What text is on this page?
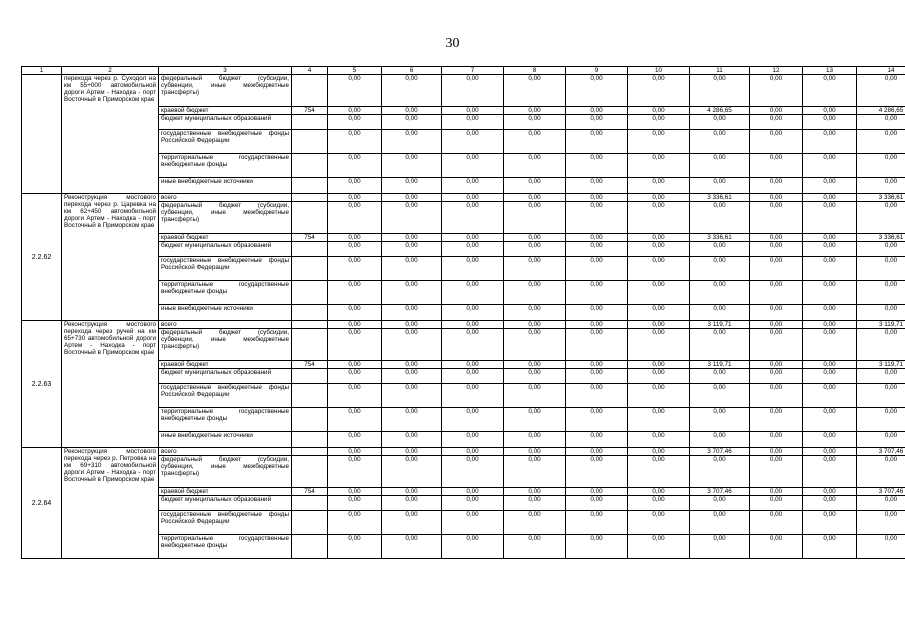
30
1	2	3	4	5	6	7	8	9	10	11	12	13	14
	перехода через р. Суходол на км 55+000 автомобильной дороги Артем - Находка - порт Восточный в Приморском крае	федеральный бюджет (субсидии, субвенции, иные межбюджетные трансферты)		0,00	0,00	0,00	0,00	0,00	0,00	0,00	0,00	0,00	0,00
		краевой бюджет	754	0,00	0,00	0,00	0,00	0,00	0,00	4 286,65	0,00	0,00	4 286,65
		бюджет муниципальных образований		0,00	0,00	0,00	0,00	0,00	0,00	0,00	0,00	0,00	0,00
		государственные внебюджетные фонды Российской Федерации		0,00	0,00	0,00	0,00	0,00	0,00	0,00	0,00	0,00	0,00
		территориальные государственные внебюджетные фонды		0,00	0,00	0,00	0,00	0,00	0,00	0,00	0,00	0,00	0,00
		иные внебюджетные источники		0,00	0,00	0,00	0,00	0,00	0,00	0,00	0,00	0,00	0,00
2.2.62	Реконструкция мостового перехода через р. Царевка на км 62+450 автомобильной дороги Артем - Находка - порт Восточный в Приморском крае	всего		0,00	0,00	0,00	0,00	0,00	0,00	3 336,61	0,00	0,00	3 336,61
		федеральный бюджет (субсидии, субвенции, иные межбюджетные трансферты)		0,00	0,00	0,00	0,00	0,00	0,00	0,00	0,00	0,00	0,00
		краевой бюджет	754	0,00	0,00	0,00	0,00	0,00	0,00	3 336,61	0,00	0,00	3 336,61
		бюджет муниципальных образований		0,00	0,00	0,00	0,00	0,00	0,00	0,00	0,00	0,00	0,00
		государственные внебюджетные фонды Российской Федерации		0,00	0,00	0,00	0,00	0,00	0,00	0,00	0,00	0,00	0,00
		территориальные государственные внебюджетные фонды		0,00	0,00	0,00	0,00	0,00	0,00	0,00	0,00	0,00	0,00
		иные внебюджетные источники		0,00	0,00	0,00	0,00	0,00	0,00	0,00	0,00	0,00	0,00
2.2.63	Реконструкция мостового перехода через ручей на км 65+730 автомобильной дороги Артем - Находка - порт Восточный в Приморском крае	всего		0,00	0,00	0,00	0,00	0,00	0,00	3 119,71	0,00	0,00	3 119,71
		федеральный бюджет (субсидии, субвенции, иные межбюджетные трансферты)		0,00	0,00	0,00	0,00	0,00	0,00	0,00	0,00	0,00	0,00
		краевой бюджет	754	0,00	0,00	0,00	0,00	0,00	0,00	3 119,71	0,00	0,00	3 119,71
		бюджет муниципальных образований		0,00	0,00	0,00	0,00	0,00	0,00	0,00	0,00	0,00	0,00
		государственные внебюджетные фонды Российской Федерации		0,00	0,00	0,00	0,00	0,00	0,00	0,00	0,00	0,00	0,00
		территориальные государственные внебюджетные фонды		0,00	0,00	0,00	0,00	0,00	0,00	0,00	0,00	0,00	0,00
		иные внебюджетные источники		0,00	0,00	0,00	0,00	0,00	0,00	0,00	0,00	0,00	0,00
2.2.64	Реконструкция мостового перехода через р. Петровка на км 69+310 автомобильной дороги Артем - Находка - порт Восточный в Приморском крае	всего		0,00	0,00	0,00	0,00	0,00	0,00	3 707,46	0,00	0,00	3 707,46
		федеральный бюджет (субсидии, субвенции, иные межбюджетные трансферты)		0,00	0,00	0,00	0,00	0,00	0,00	0,00	0,00	0,00	0,00
		краевой бюджет	754	0,00	0,00	0,00	0,00	0,00	0,00	3 707,46	0,00	0,00	3 707,46
		бюджет муниципальных образований		0,00	0,00	0,00	0,00	0,00	0,00	0,00	0,00	0,00	0,00
		государственные внебюджетные фонды Российской Федерации		0,00	0,00	0,00	0,00	0,00	0,00	0,00	0,00	0,00	0,00
		территориальные государственные внебюджетные фонды		0,00	0,00	0,00	0,00	0,00	0,00	0,00	0,00	0,00	0,00
